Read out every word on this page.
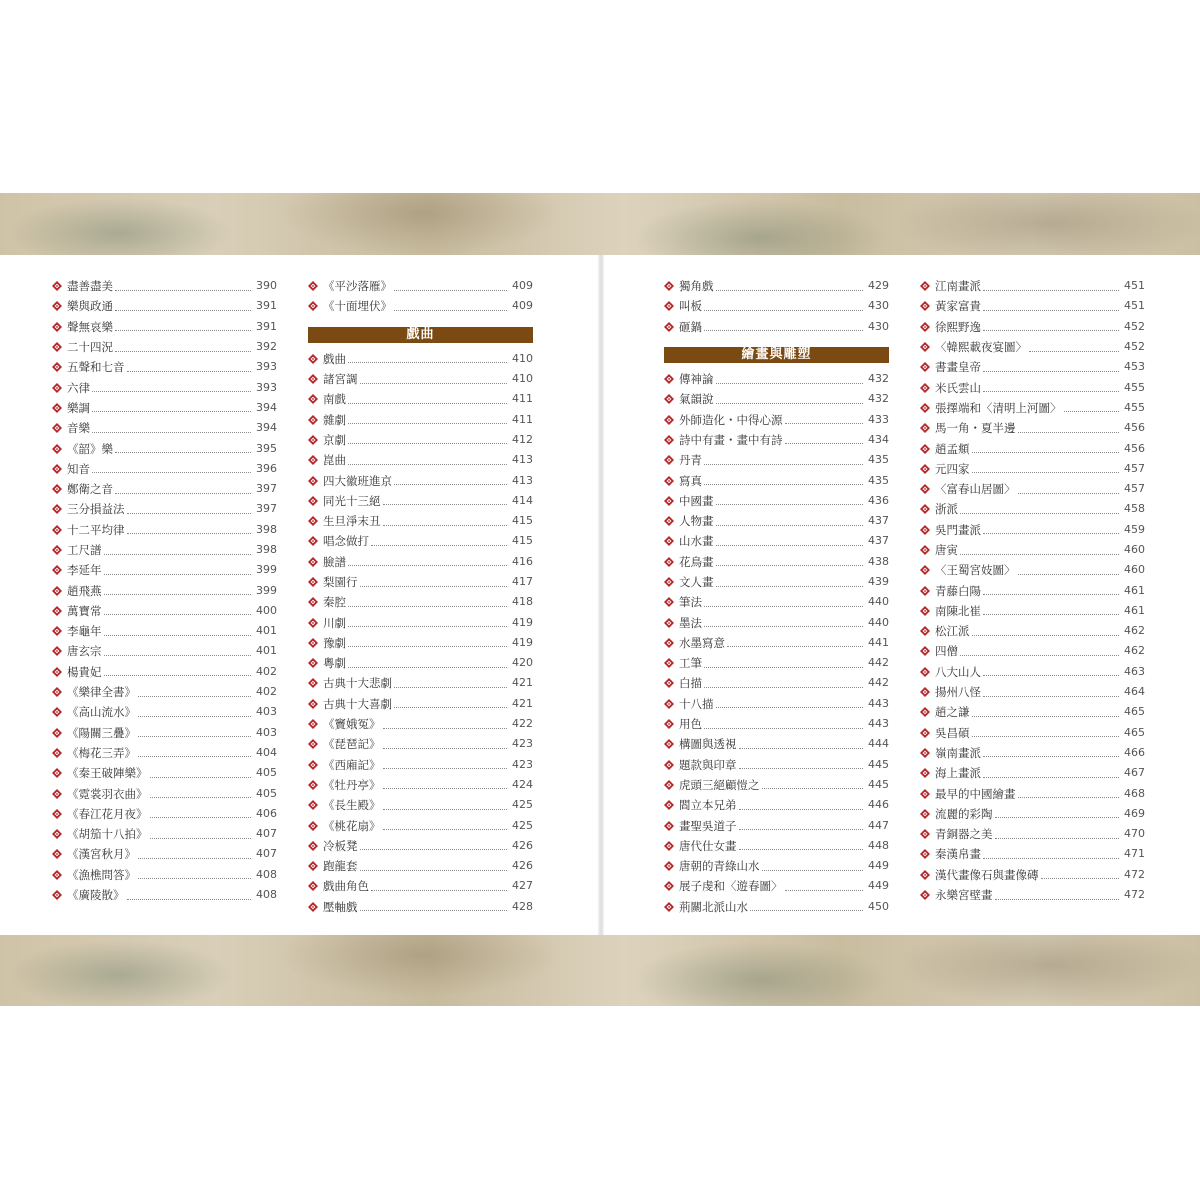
盡善盡美	390
樂與政通	391
聲無哀樂	391
二十四況	392
五聲和七音	393
六律	393
樂調	394
音樂	394
《韶》樂	395
知音	396
鄭衛之音	397
三分損益法	397
十二平均律	398
工尺譜	398
李延年	399
趙飛燕	399
萬寶常	400
李龜年	401
唐玄宗	401
楊貴妃	402
《樂律全書》	402
《高山流水》	403
《陽關三疊》	403
《梅花三弄》	404
《秦王破陣樂》	405
《霓裳羽衣曲》	405
《春江花月夜》	406
《胡笳十八拍》	407
《漢宮秋月》	407
《漁樵問答》	408
《廣陵散》	408
《平沙落雁》	409
《十面埋伏》	409
戲曲
戲曲	410
諸宮調	410
南戲	411
雜劇	411
京劇	412
崑曲	413
四大徽班進京	413
同光十三絕	414
生旦淨末丑	415
唱念做打	415
臉譜	416
梨園行	417
秦腔	418
川劇	419
豫劇	419
粵劇	420
古典十大悲劇	421
古典十大喜劇	421
《竇娥冤》	422
《琵琶記》	423
《西廂記》	423
《牡丹亭》	424
《長生殿》	425
《桃花扇》	425
冷板凳	426
跑龍套	426
戲曲角色	427
壓軸戲	428
獨角戲	429
叫板	430
砸鍋	430
繪畫與雕塑
傳神論	432
氣韻說	432
外師造化・中得心源	433
詩中有畫・畫中有詩	434
丹青	435
寫真	435
中國畫	436
人物畫	437
山水畫	437
花鳥畫	438
文人畫	439
筆法	440
墨法	440
水墨寫意	441
工筆	442
白描	442
十八描	443
用色	443
構圖與透視	444
題款與印章	445
虎頭三絕顧愷之	445
閻立本兄弟	446
畫聖吳道子	447
唐代仕女畫	448
唐朝的青綠山水	449
展子虔和〈遊春圖〉	449
荊關北派山水	450
江南畫派	451
黃家富貴	451
徐熙野逸	452
〈韓熙載夜宴圖〉	452
書畫皇帝	453
米氏雲山	455
張擇端和〈清明上河圖〉	455
馬一角・夏半邊	456
趙孟頫	456
元四家	457
〈富春山居圖〉	457
浙派	458
吳門畫派	459
唐寅	460
〈王蜀宮妓圖〉	460
青藤白陽	461
南陳北崔	461
松江派	462
四僧	462
八大山人	463
揚州八怪	464
趙之謙	465
吳昌碩	465
嶺南畫派	466
海上畫派	467
最早的中國繪畫	468
流麗的彩陶	469
青銅器之美	470
秦漢帛畫	471
漢代畫像石與畫像磚	472
永樂宮壁畫	472
